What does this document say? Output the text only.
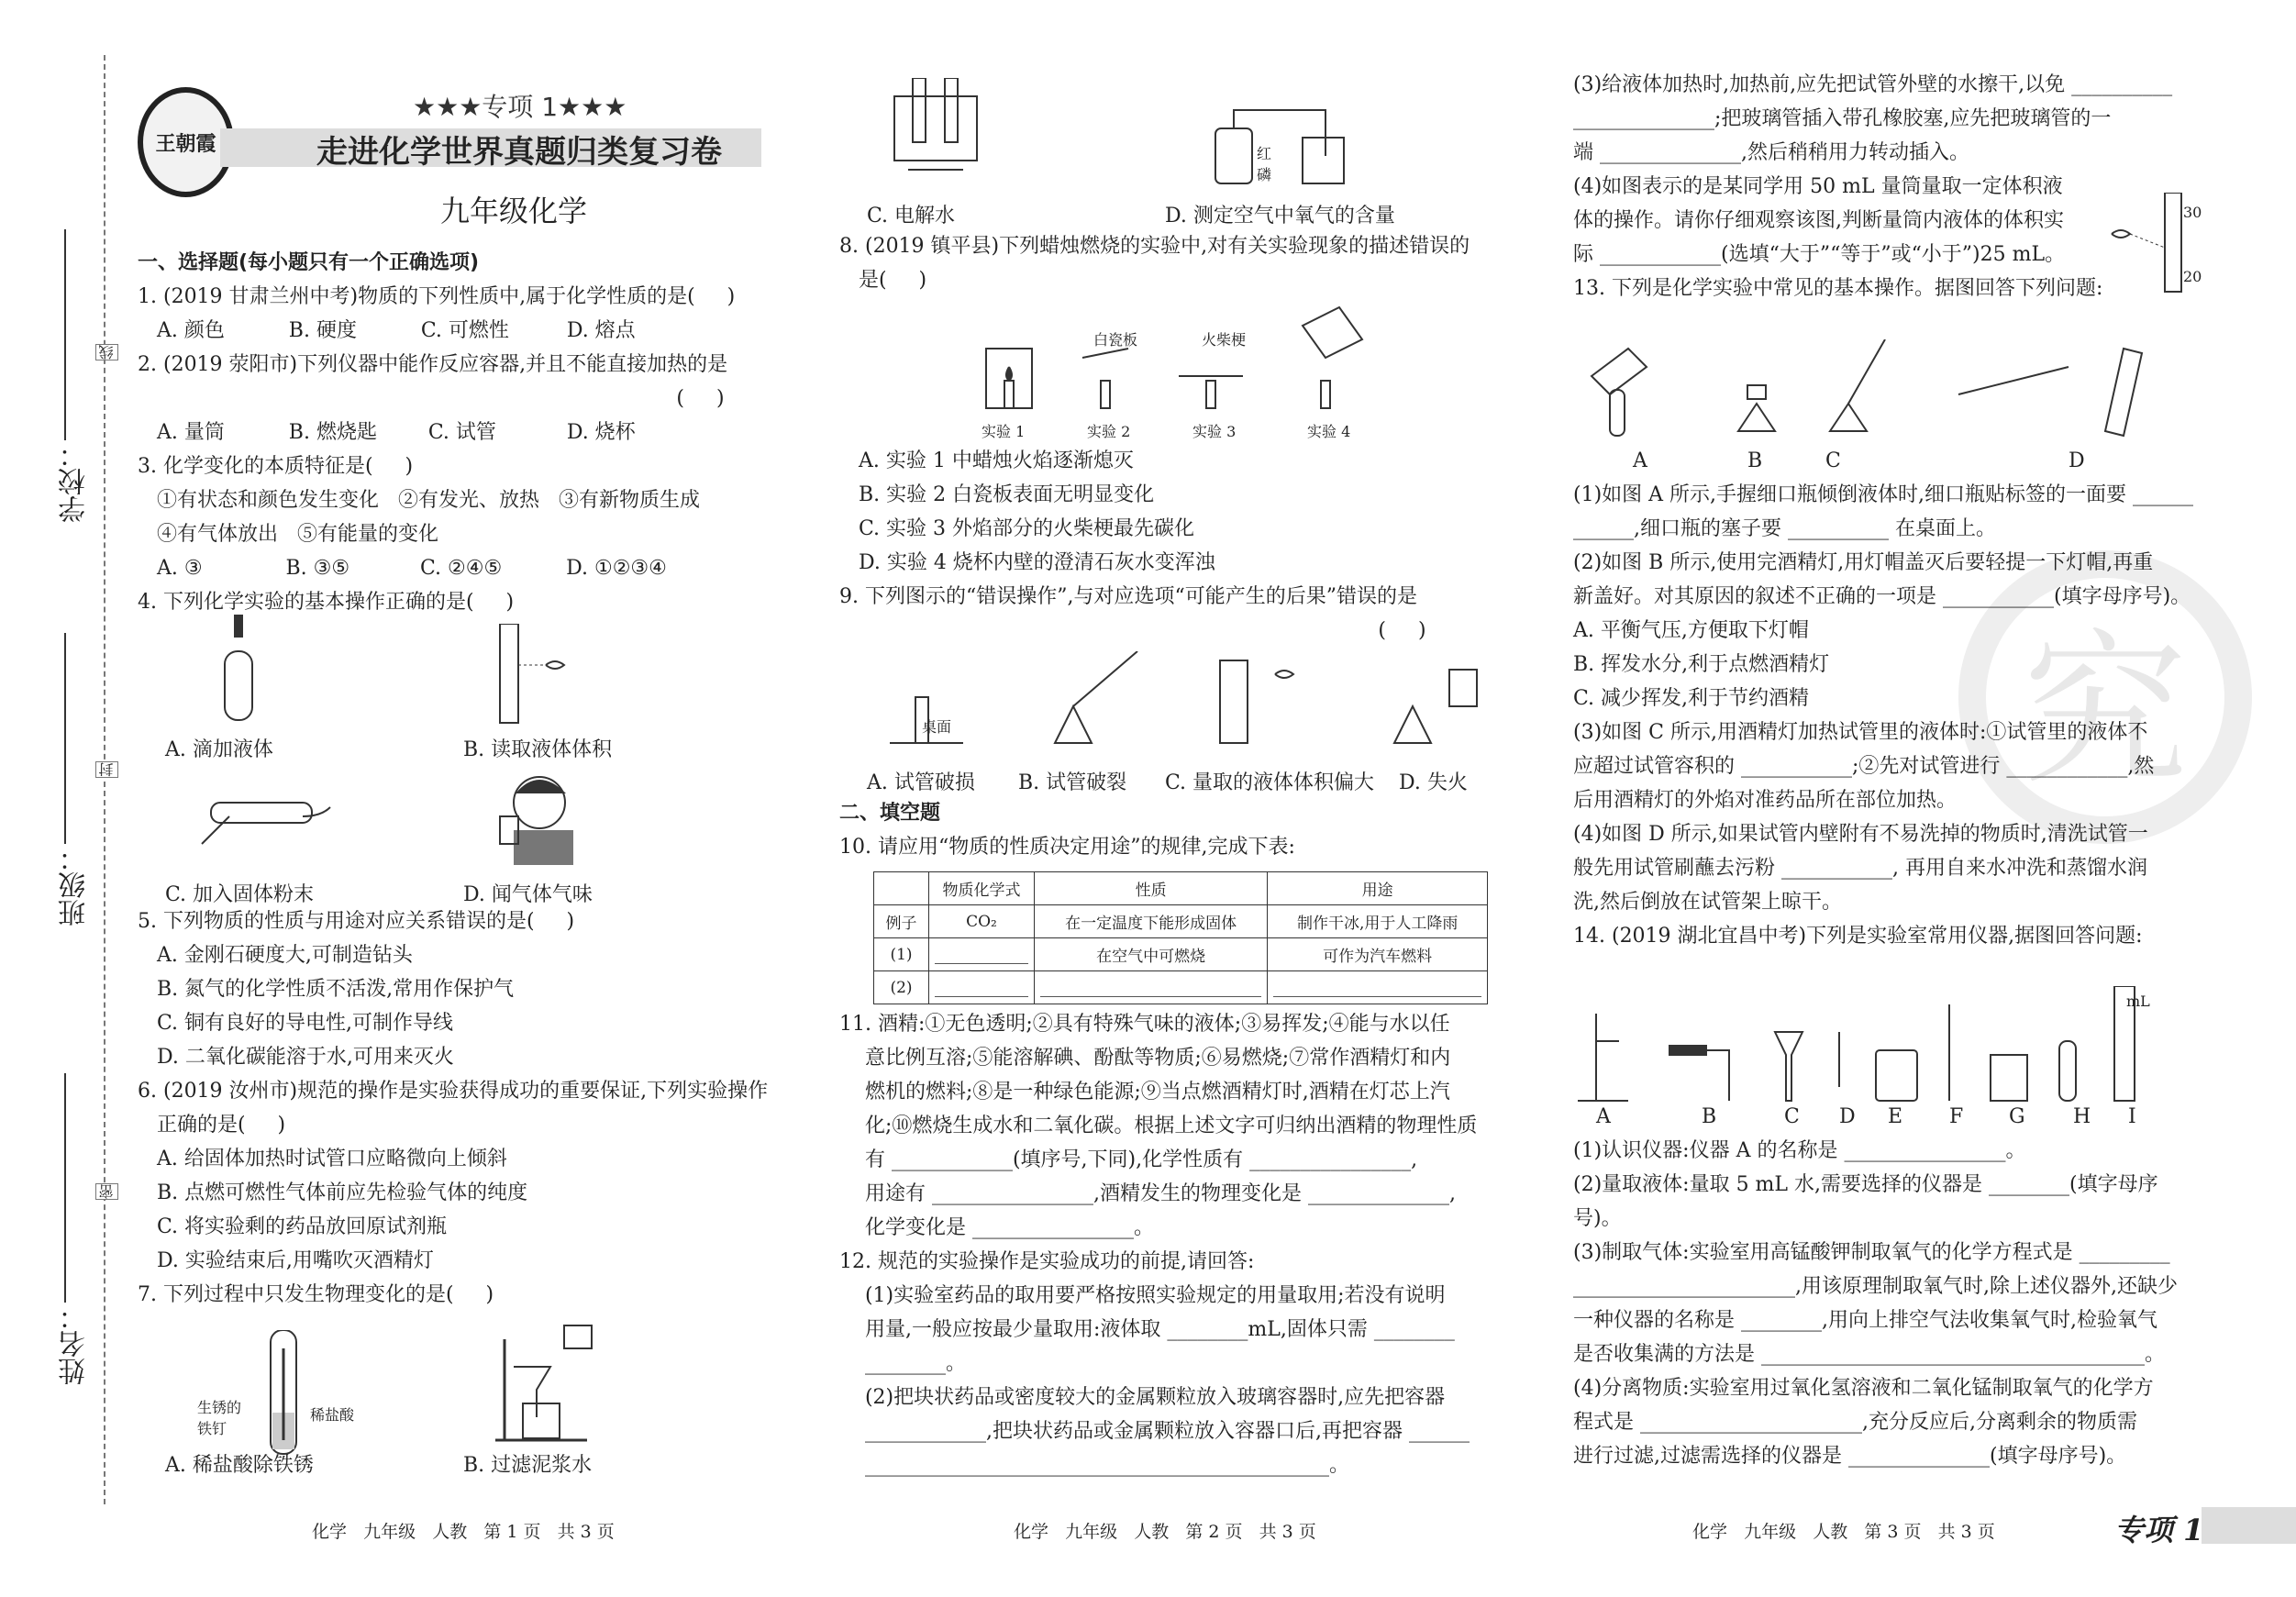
学校：
班级：
姓名：
线
封
密
王朝霞
★★★专项 1★★★
走进化学世界真题归类复习卷
九年级化学
一、选择题(每小题只有一个正确选项)
1. (2019 甘肃兰州中考)物质的下列性质中,属于化学性质的是(     )
A. 颜色          B. 硬度          C. 可燃性         D. 熔点
2. (2019 荥阳市)下列仪器中能作反应容器,并且不能直接加热的是
(     )
A. 量筒          B. 燃烧匙        C. 试管           D. 烧杯
3. 化学变化的本质特征是(     )
①有状态和颜色发生变化   ②有发光、放热   ③有新物质生成
④有气体放出   ⑤有能量的变化
A. ③             B. ③⑤           C. ②④⑤          D. ①②③④
4. 下列化学实验的基本操作正确的是(     )
5. 下列物质的性质与用途对应关系错误的是(     )
A. 金刚石硬度大,可制造钻头
B. 氮气的化学性质不活泼,常用作保护气
C. 铜有良好的导电性,可制作导线
D. 二氧化碳能溶于水,可用来灭火
6. (2019 汝州市)规范的操作是实验获得成功的重要保证,下列实验操作
正确的是(     )
A. 给固体加热时试管口应略微向上倾斜
B. 点燃可燃性气体前应先检验气体的纯度
C. 将实验剩的药品放回原试剂瓶
D. 实验结束后,用嘴吹灭酒精灯
7. 下列过程中只发生物理变化的是(     )
A. 滴加液体	B. 读取液体体积
C. 加入固体粉末	D. 闻气体气味
生锈的
铁钉
稀盐酸
A. 稀盐酸除铁锈	B. 过滤泥浆水
C. 电解水
红
磷
D. 测定空气中氧气的含量
8. (2019 镇平县)下列蜡烛燃烧的实验中,对有关实验现象的描述错误的
是(     )
白瓷板	火柴梗
实验 1	实验 2	实验 3	实验 4
A. 实验 1 中蜡烛火焰逐渐熄灭
B. 实验 2 白瓷板表面无明显变化
C. 实验 3 外焰部分的火柴梗最先碳化
D. 实验 4 烧杯内壁的澄清石灰水变浑浊
9. 下列图示的“错误操作”,与对应选项“可能产生的后果”错误的是
(     )
桌面
A. 试管破损 B. 试管破裂 C. 量取的液体体积偏大 D. 失火
二、填空题
10. 请应用“物质的性质决定用途”的规律,完成下表:
	物质化学式	性质	用途
例子	CO₂	在一定温度下能形成固体	制作干冰,用于人工降雨
(1)		在空气中可燃烧	可作为汽车燃料
(2)	

11. 酒精:①无色透明;②具有特殊气味的液体;③易挥发;④能与水以任
意比例互溶;⑤能溶解碘、酚酞等物质;⑥易燃烧;⑦常作酒精灯和内
燃机的燃料;⑧是一种绿色能源;⑨当点燃酒精灯时,酒精在灯芯上汽
化;⑩燃烧生成水和二氧化碳。根据上述文字可归纳出酒精的物理性质
有 ____________(填序号,下同),化学性质有 ________________,
用途有 ________________,酒精发生的物理变化是 ______________,
化学变化是 ________________。
12. 规范的实验操作是实验成功的前提,请回答:
(1)实验室药品的取用要严格按照实验规定的用量取用;若没有说明
用量,一般应按最少量取用:液体取 ________mL,固体只需 ________
________。
(2)把块状药品或密度较大的金属颗粒放入玻璃容器时,应先把容器
____________,把块状药品或金属颗粒放入容器口后,再把容器 ______
______________________________________________。
究
(3)给液体加热时,加热前,应先把试管外壁的水擦干,以免 __________
______________;把玻璃管插入带孔橡胶塞,应先把玻璃管的一
端 ______________,然后稍稍用力转动插入。
(4)如图表示的是某同学用 50 mL 量筒量取一定体积液
体的操作。请你仔细观察该图,判断量筒内液体的体积实
际 ____________(选填“大于”“等于”或“小于”)25 mL。
13. 下列是化学实验中常见的基本操作。据图回答下列问题:
30
20
A	B	C	D
(1)如图 A 所示,手握细口瓶倾倒液体时,细口瓶贴标签的一面要 ______
______,细口瓶的塞子要 __________ 在桌面上。
(2)如图 B 所示,使用完酒精灯,用灯帽盖灭后要轻提一下灯帽,再重
新盖好。对其原因的叙述不正确的一项是 ___________(填字母序号)。
A. 平衡气压,方便取下灯帽
B. 挥发水分,利于点燃酒精灯
C. 减少挥发,利于节约酒精
(3)如图 C 所示,用酒精灯加热试管里的液体时:①试管里的液体不
应超过试管容积的 ___________;②先对试管进行 ____________,然
后用酒精灯的外焰对准药品所在部位加热。
(4)如图 D 所示,如果试管内壁附有不易洗掉的物质时,清洗试管一
般先用试管刷蘸去污粉 ___________, 再用自来水冲洗和蒸馏水润
洗,然后倒放在试管架上晾干。
14. (2019 湖北宜昌中考)下列是实验室常用仪器,据图回答问题:
mL
A	B	C D E F G H I
(1)认识仪器:仪器 A 的名称是 ________________。
(2)量取液体:量取 5 mL 水,需要选择的仪器是 ________(填字母序
号)。
(3)制取气体:实验室用高锰酸钾制取氧气的化学方程式是 _________
______________________,用该原理制取氧气时,除上述仪器外,还缺少
一种仪器的名称是 ________,用向上排空气法收集氧气时,检验氧气
是否收集满的方法是 ______________________________________。
(4)分离物质:实验室用过氧化氢溶液和二氧化锰制取氧气的化学方
程式是 ______________________,充分反应后,分离剩余的物质需
进行过滤,过滤需选择的仪器是 ______________(填字母序号)。
化学   九年级   人教   第 1 页   共 3 页	化学   九年级   人教   第 2 页   共 3 页	化学   九年级   人教   第 3 页   共 3 页	专项 1
